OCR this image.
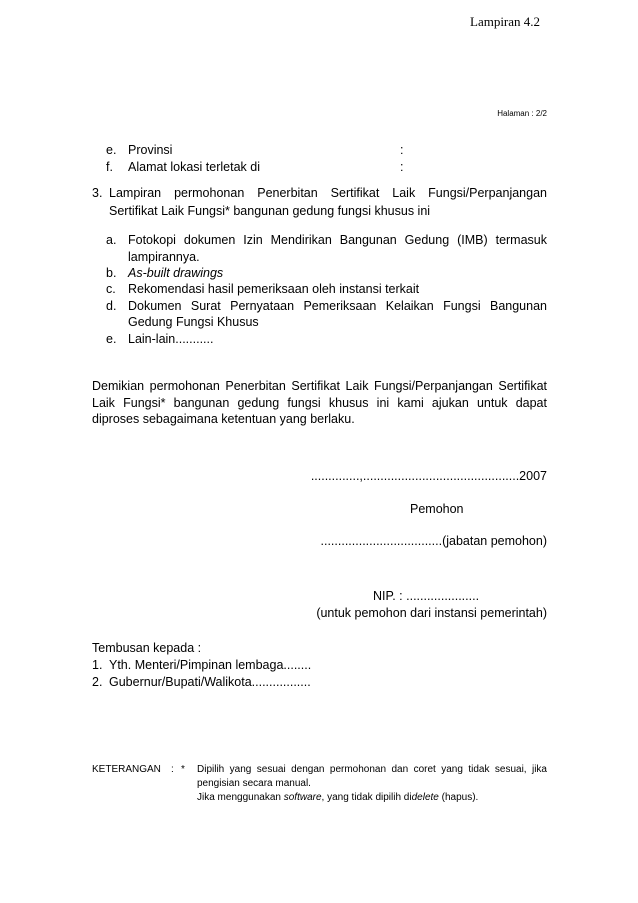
Lampiran 4.2
Halaman : 2/2
e. Provinsi	:
f. Alamat lokasi terletak di	:
3. Lampiran permohonan Penerbitan Sertifikat Laik Fungsi/Perpanjangan
Sertifikat Laik Fungsi* bangunan gedung fungsi khusus ini
a. Fotokopi dokumen Izin Mendirikan Bangunan Gedung (IMB) termasuk
lampirannya.
b. As-built drawings
c. Rekomendasi hasil pemeriksaan oleh instansi terkait
d. Dokumen Surat Pernyataan Pemeriksaan Kelaikan Fungsi Bangunan
Gedung Fungsi Khusus
e. Lain-lain...........
Demikian permohonan Penerbitan Sertifikat Laik Fungsi/Perpanjangan Sertifikat
Laik Fungsi* bangunan gedung fungsi khusus ini kami ajukan untuk dapat
diproses sebagaimana ketentuan yang berlaku.
..............,.............................................2007
Pemohon
...................................(jabatan pemohon)
NIP. : .....................
(untuk pemohon dari instansi pemerintah)
Tembusan kepada :
1. Yth. Menteri/Pimpinan lembaga........
2. Gubernur/Bupati/Walikota.................
KETERANGAN : * Dipilih yang sesuai dengan permohonan dan coret yang tidak sesuai, jika
pengisian secara manual.
Jika menggunakan software, yang tidak dipilih didelete (hapus).
